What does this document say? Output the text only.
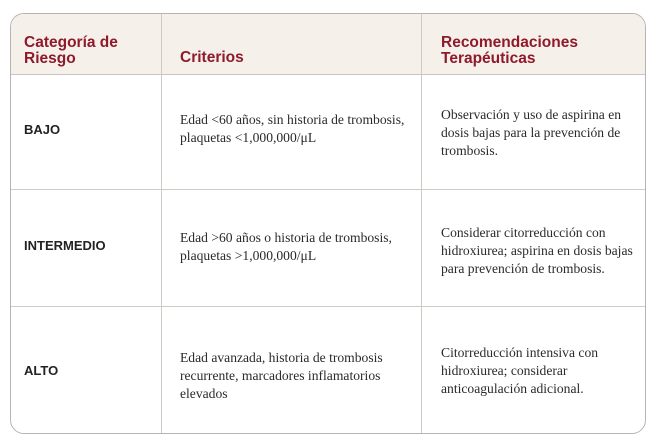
Categoría de Riesgo	Criterios
Recomendaciones Terapéuticas
BAJO
Edad <60 años, sin historia de trombosis, plaquetas <1,000,000/μL
Observación y uso de aspirina en dosis bajas para la prevención de trombosis.
INTERMEDIO
Edad >60 años o historia de trombosis, plaquetas >1,000,000/μL
Considerar citorreducción con hidroxiurea; aspirina en dosis bajas para prevención de trombosis.
ALTO
Edad avanzada, historia de trombosis recurrente, marcadores inflamatorios elevados
Citorreducción intensiva con hidroxiurea; considerar anticoagulación adicional.
